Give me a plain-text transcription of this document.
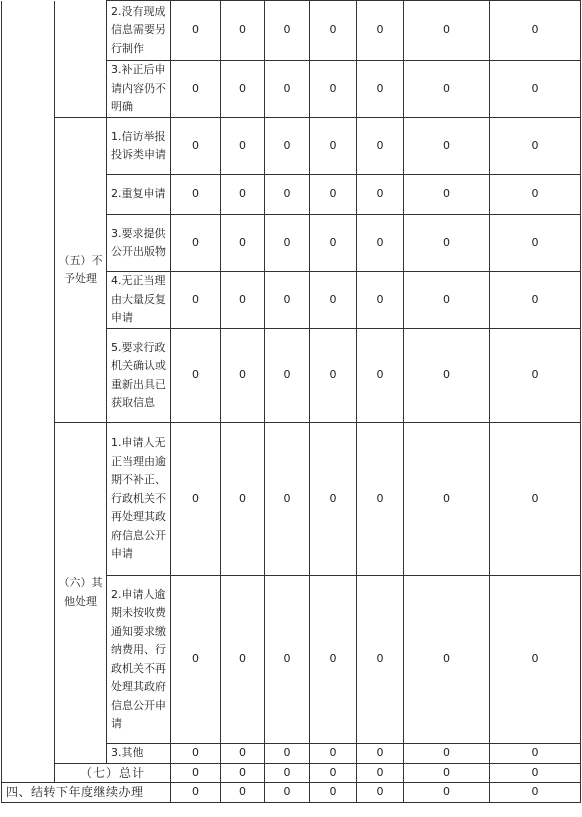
		2.没有现成信息需要另行制作	0	0	0	0	0	0	0
		3.补正后申请内容仍不明确	0	0	0	0	0	0	0
	（五）不予处理	1.信访举报投诉类申请	0	0	0	0	0	0	0
		2.重复申请	0	0	0	0	0	0	0
		3.要求提供公开出版物	0	0	0	0	0	0	0
		4.无正当理由大量反复申请	0	0	0	0	0	0	0
		5.要求行政机关确认或重新出具已获取信息	0	0	0	0	0	0	0
	（六）其他处理	1.申请人无正当理由逾期不补正、行政机关不再处理其政府信息公开申请	0	0	0	0	0	0	0
		2.申请人逾期未按收费通知要求缴纳费用、行政机关不再处理其政府信息公开申请	0	0	0	0	0	0	0
		3.其他	0	0	0	0	0	0	0
	（七）总计		0	0	0	0	0	0	0
四、结转下年度继续办理			0	0	0	0	0	0	0
